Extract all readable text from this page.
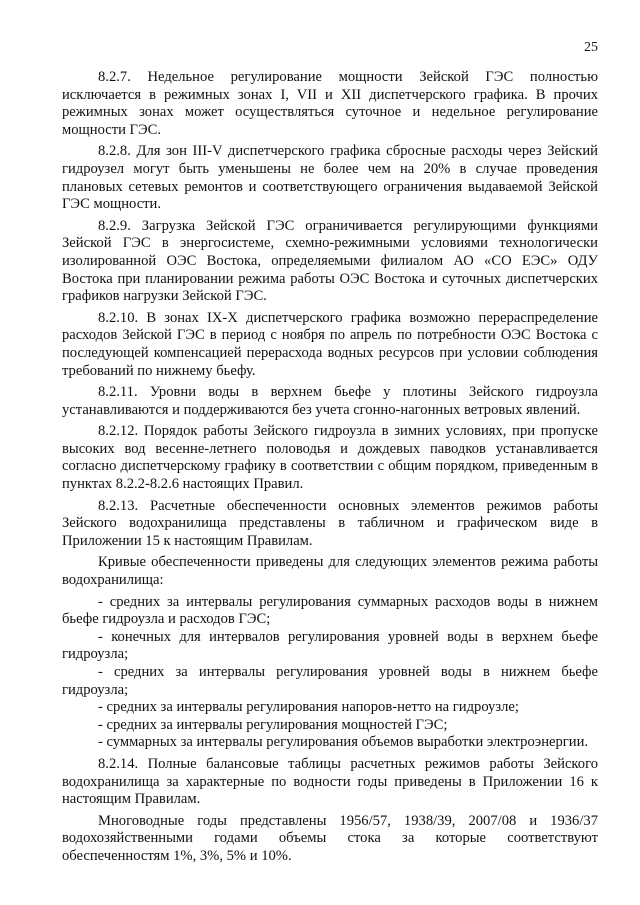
25

8.2.7. Недельное регулирование мощности Зейской ГЭС полностью исключается в режимных зонах I, VII и XII диспетчерского графика. В прочих режимных зонах может осуществляться суточное и недельное регулирование мощности ГЭС.

8.2.8. Для зон III-V диспетчерского графика сбросные расходы через Зейский гидроузел могут быть уменьшены не более чем на 20% в случае проведения плановых сетевых ремонтов и соответствующего ограничения выдаваемой Зейской ГЭС мощности.

8.2.9. Загрузка Зейской ГЭС ограничивается регулирующими функциями Зейской ГЭС в энергосистеме, схемно-режимными условиями технологически изолированной ОЭС Востока, определяемыми филиалом АО «СО ЕЭС» ОДУ Востока при планировании режима работы ОЭС Востока и суточных диспетчерских графиков нагрузки Зейской ГЭС.

8.2.10. В зонах IX-X диспетчерского графика возможно перераспределение расходов Зейской ГЭС в период с ноября по апрель по потребности ОЭС Востока с последующей компенсацией перерасхода водных ресурсов при условии соблюдения требований по нижнему бьефу.

8.2.11. Уровни воды в верхнем бьефе у плотины Зейского гидроузла устанавливаются и поддерживаются без учета сгонно-нагонных ветровых явлений.

8.2.12. Порядок работы Зейского гидроузла в зимних условиях, при пропуске высоких вод весенне-летнего половодья и дождевых паводков устанавливается согласно диспетчерскому графику в соответствии с общим порядком, приведенным в пунктах 8.2.2-8.2.6 настоящих Правил.

8.2.13. Расчетные обеспеченности основных элементов режимов работы Зейского водохранилища представлены в табличном и графическом виде в Приложении 15 к настоящим Правилам.

Кривые обеспеченности приведены для следующих элементов режима работы водохранилища:

- средних за интервалы регулирования суммарных расходов воды в нижнем бьефе гидроузла и расходов ГЭС;

- конечных для интервалов регулирования уровней воды в верхнем бьефе гидроузла;

- средних за интервалы регулирования уровней воды в нижнем бьефе гидроузла;

- средних за интервалы регулирования напоров-нетто на гидроузле;

- средних за интервалы регулирования мощностей ГЭС;

- суммарных за интервалы регулирования объемов выработки электроэнергии.

8.2.14. Полные балансовые таблицы расчетных режимов работы Зейского водохранилища за характерные по водности годы приведены в Приложении 16 к настоящим Правилам.

Многоводные годы представлены 1956/57, 1938/39, 2007/08 и 1936/37 водохозяйственными годами объемы стока за которые соответствуют обеспеченностям 1%, 3%, 5% и 10%.
